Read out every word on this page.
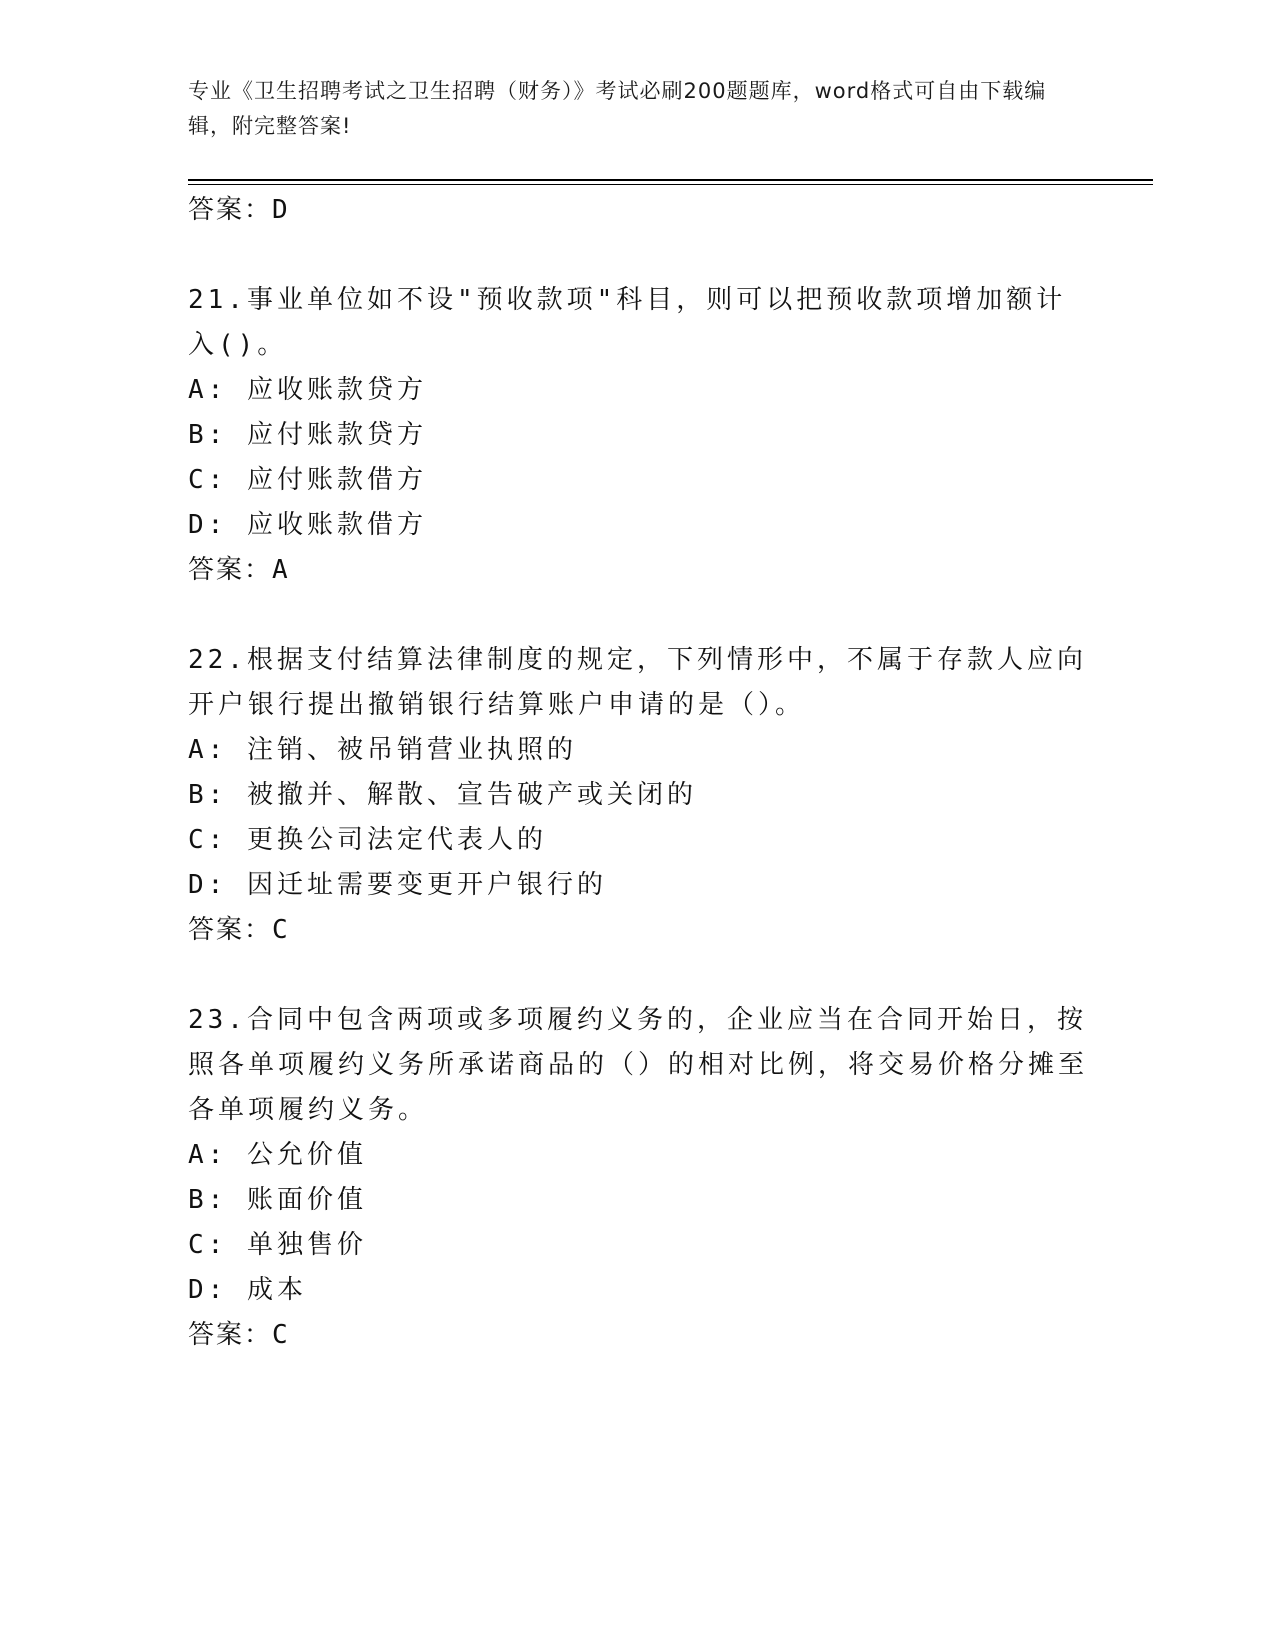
专业《卫生招聘考试之卫生招聘（财务）》考试必刷200题题库，word格式可自由下载编辑，附完整答案!
答案：D

21.事业单位如不设"预收款项"科目，则可以把预收款项增加额计入()。

A: 应收账款贷方
B: 应付账款贷方
C: 应付账款借方
D: 应收账款借方
答案：A

22.根据支付结算法律制度的规定，下列情形中，不属于存款人应向开户银行提出撤销银行结算账户申请的是（）。

A: 注销、被吊销营业执照的
B: 被撤并、解散、宣告破产或关闭的
C: 更换公司法定代表人的
D: 因迁址需要变更开户银行的
答案：C

23.合同中包含两项或多项履约义务的，企业应当在合同开始日，按照各单项履约义务所承诺商品的（）的相对比例，将交易价格分摊至各单项履约义务。

A: 公允价值
B: 账面价值
C: 单独售价
D: 成本
答案：C
